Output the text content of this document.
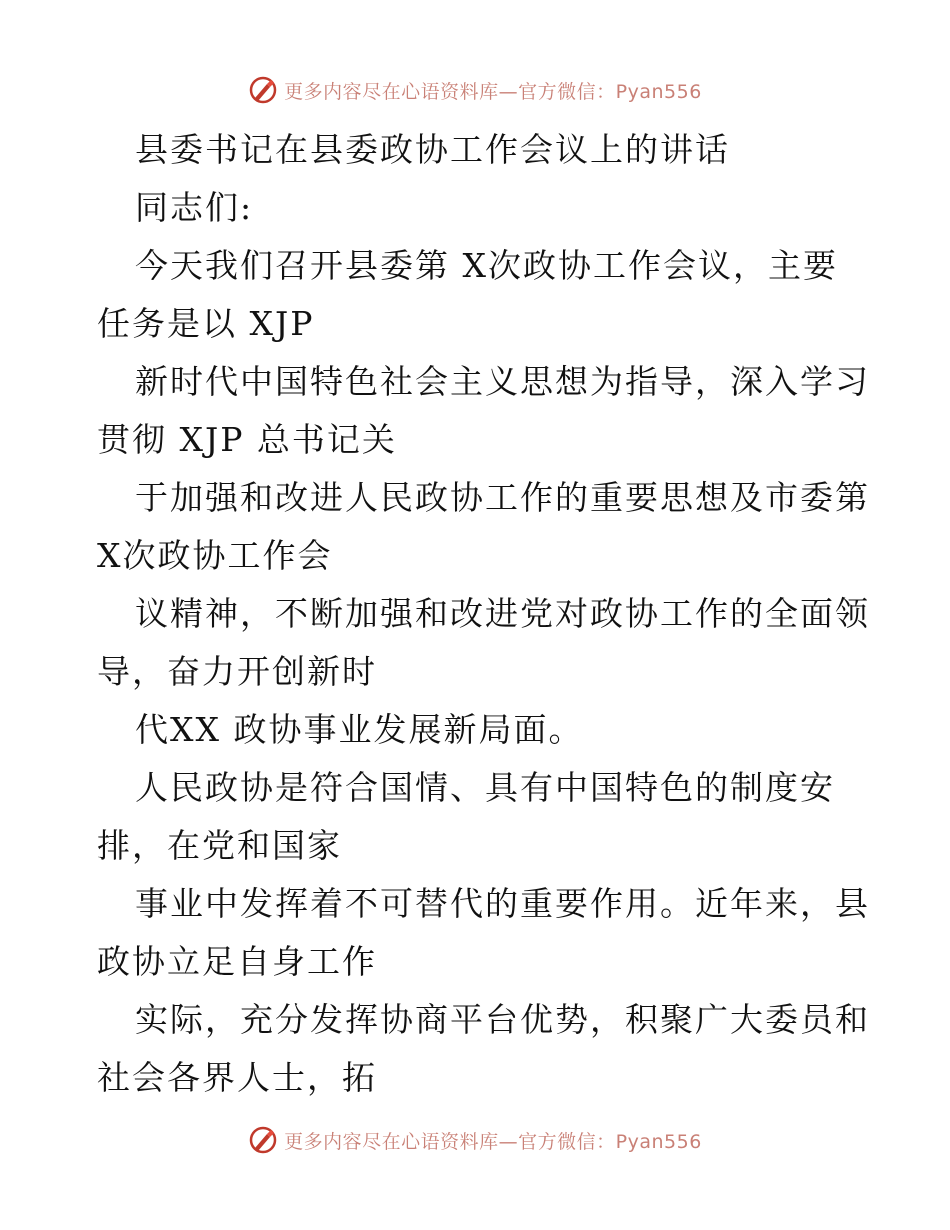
更多内容尽在心语资料库—官方微信：Pyan556
县委书记在县委政协工作会议上的讲话
同志们:
今天我们召开县委第 X次政协工作会议，主要
任务是以 XJP
新时代中国特色社会主义思想为指导，深入学习
贯彻 XJP 总书记关
于加强和改进人民政协工作的重要思想及市委第
X次政协工作会
议精神，不断加强和改进党对政协工作的全面领
导，奋力开创新时
代XX 政协事业发展新局面。
人民政协是符合国情、具有中国特色的制度安
排，在党和国家
事业中发挥着不可替代的重要作用。近年来，县
政协立足自身工作
实际，充分发挥协商平台优势，积聚广大委员和
社会各界人士，拓
更多内容尽在心语资料库—官方微信：Pyan556
